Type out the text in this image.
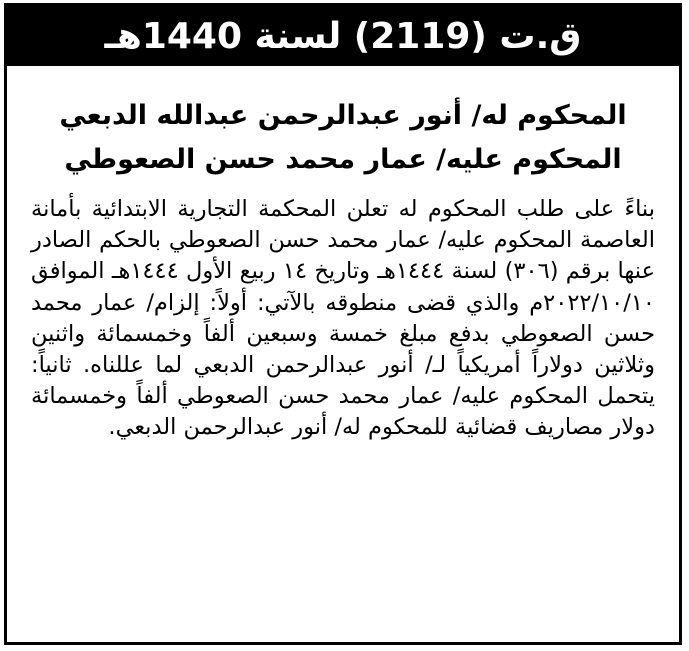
ق.ت (2119) لسنة 1440هـ
المحكوم له/ أنور عبدالرحمن عبدالله الدبعي
المحكوم عليه/ عمار محمد حسن الصعوطي
بناءً على طلب المحكوم له تعلن المحكمة التجارية الابتدائية بأمانة العاصمة المحكوم عليه/ عمار محمد حسن الصعوطي بالحكم الصادر عنها برقم (٣٠٦) لسنة ١٤٤٤هـ وتاريخ ١٤ ربيع الأول ١٤٤٤هـ الموافق ٢٠٢٢/١٠/١٠م والذي قضى منطوقه بالآتي: أولاً: إلزام/ عمار محمد حسن الصعوطي بدفع مبلغ خمسة وسبعين ألفاً وخمسمائة واثنين وثلاثين دولاراً أمريكياً لـ/ أنور عبدالرحمن الدبعي لما عللناه. ثانياً: يتحمل المحكوم عليه/ عمار محمد حسن الصعوطي ألفاً وخمسمائة دولار مصاريف قضائية للمحكوم له/ أنور عبدالرحمن الدبعي.
